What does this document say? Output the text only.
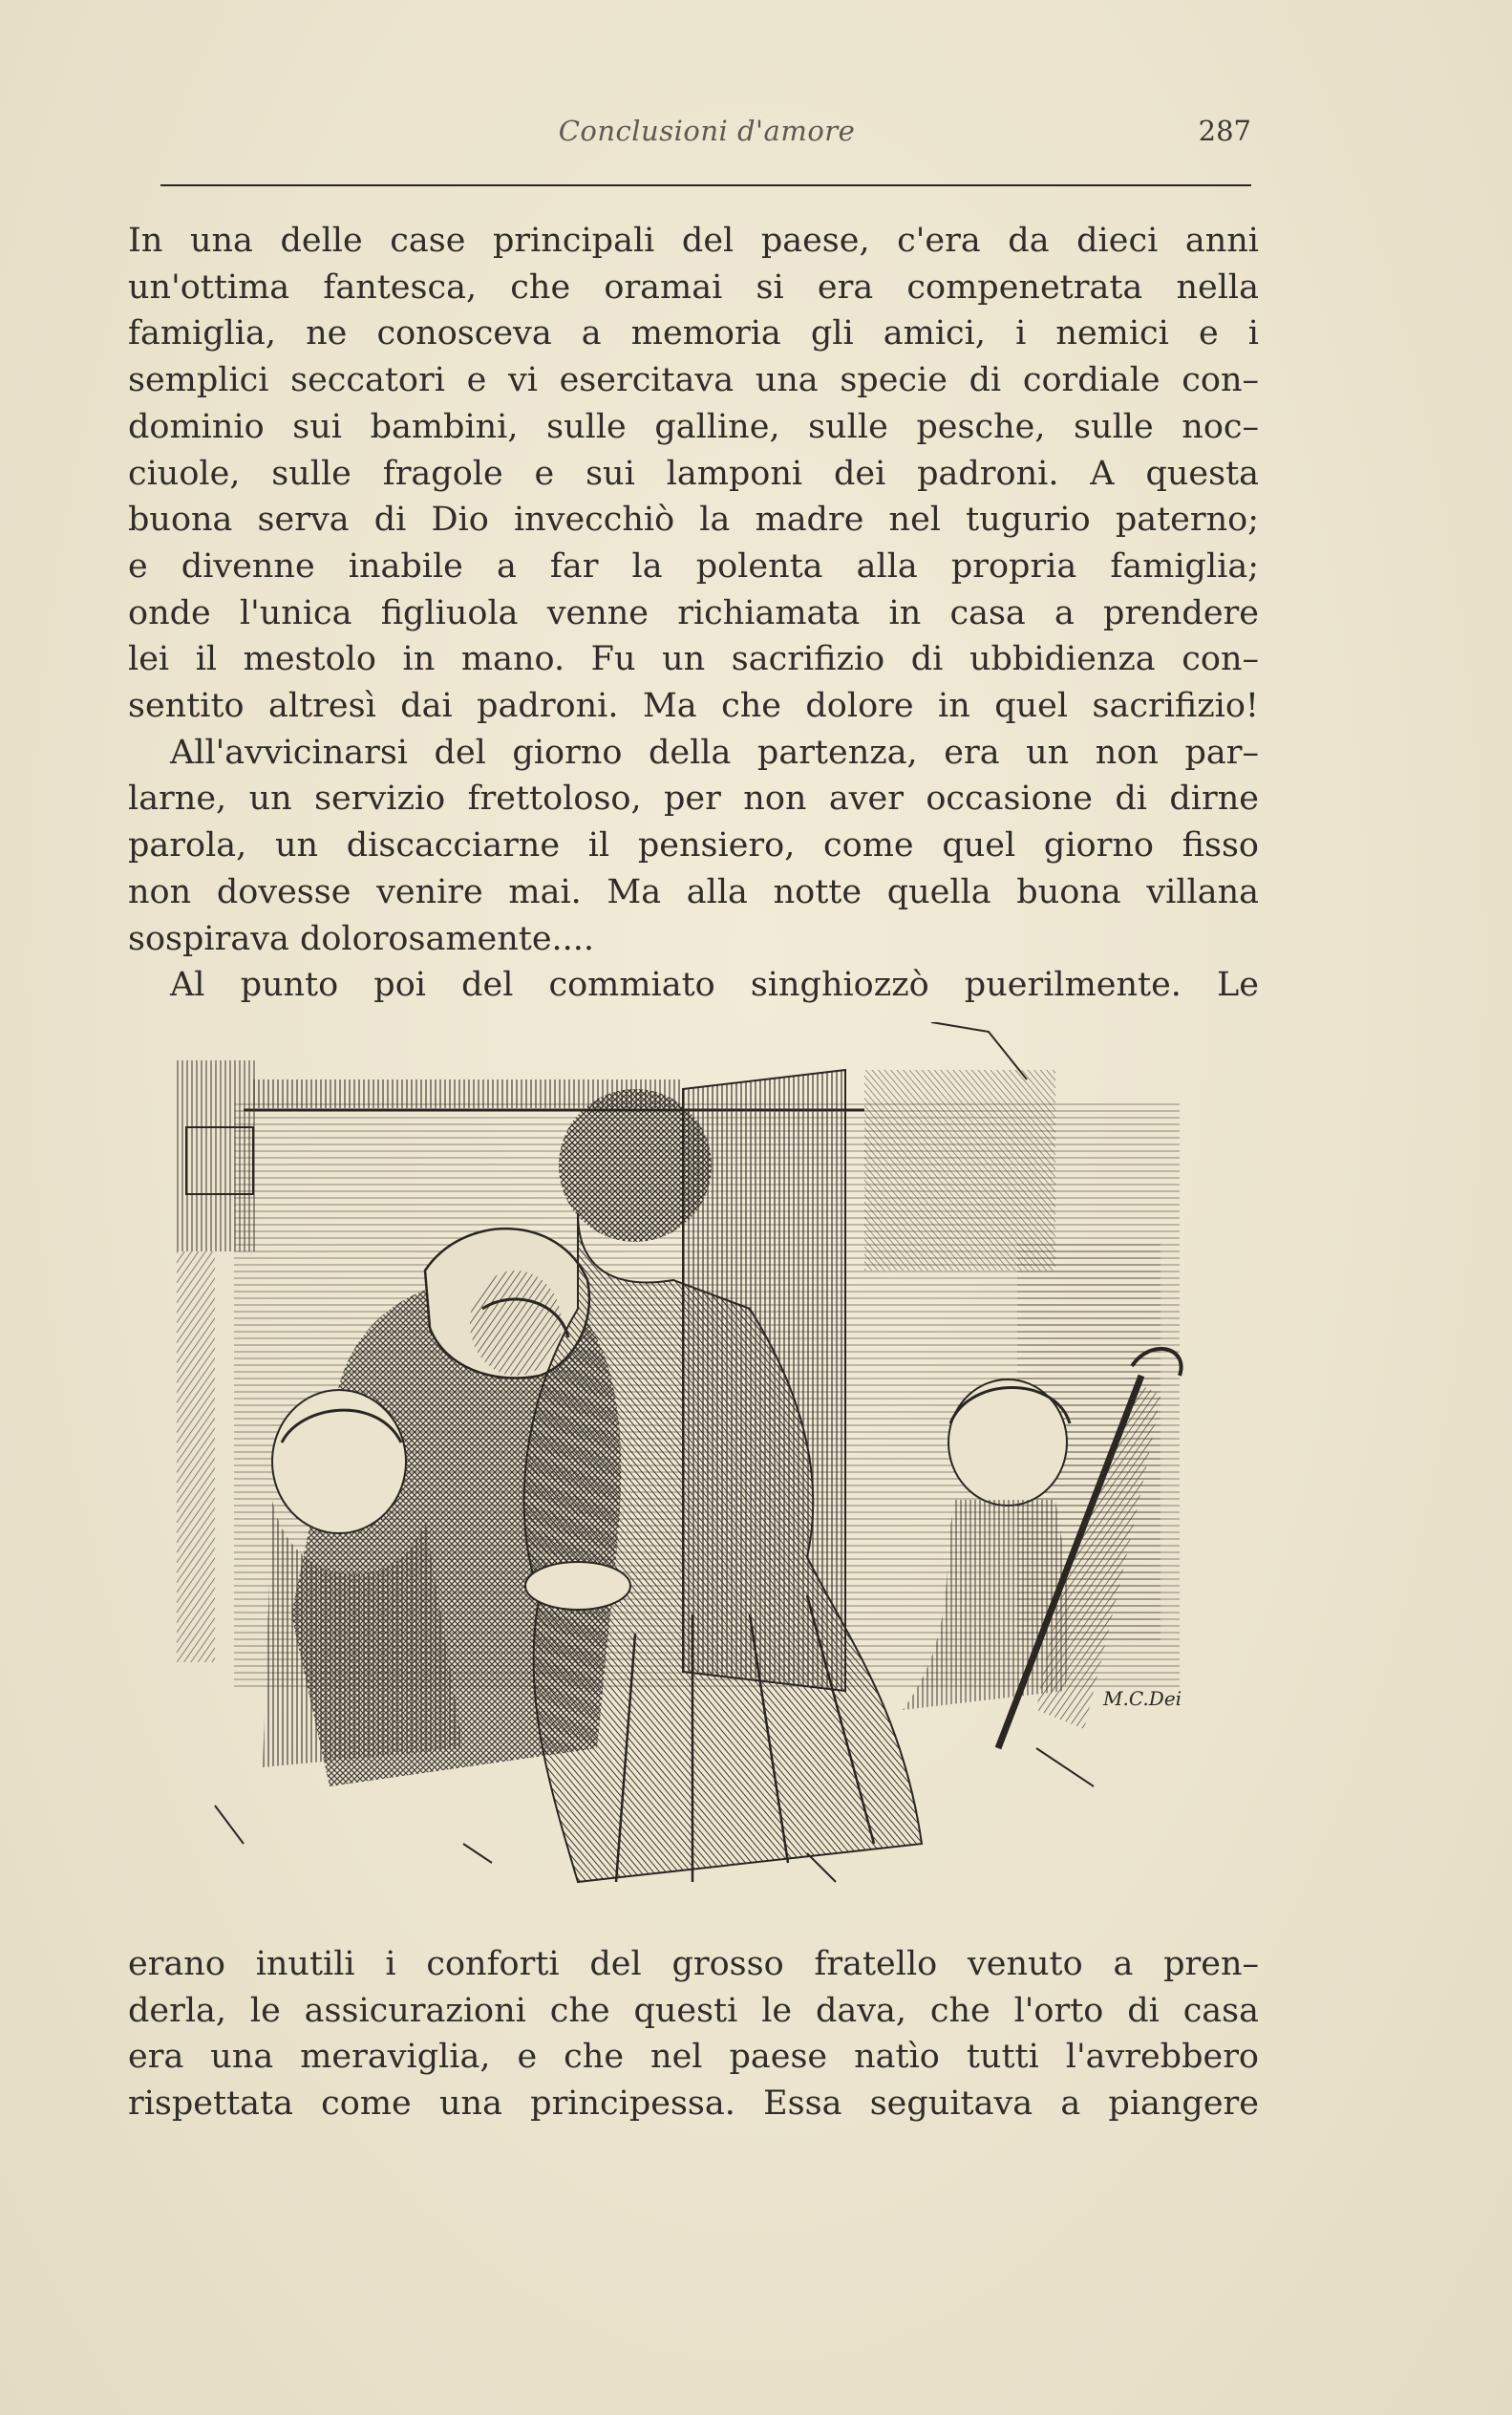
Conclusioni d'amore	287

In una delle case principali del paese, c'era da dieci anni

un'ottima fantesca, che oramai si era compenetrata nella

famiglia, ne conosceva a memoria gli amici, i nemici e i

semplici seccatori e vi esercitava una specie di cordiale con–

dominio sui bambini, sulle galline, sulle pesche, sulle noc–

ciuole, sulle fragole e sui lamponi dei padroni. A questa

buona serva di Dio invecchiò la madre nel tugurio paterno;

e divenne inabile a far la polenta alla propria famiglia;

onde l'unica figliuola venne richiamata in casa a prendere

lei il mestolo in mano. Fu un sacrifizio di ubbidienza con–

sentito altresì dai padroni. Ma che dolore in quel sacrifizio!

All'avvicinarsi del giorno della partenza, era un non par–

larne, un servizio frettoloso, per non aver occasione di dirne

parola, un discacciarne il pensiero, come quel giorno fisso

non dovesse venire mai. Ma alla notte quella buona villana

sospirava dolorosamente....

Al punto poi del commiato singhiozzò puerilmente. Le

M.C.Dei

erano inutili i conforti del grosso fratello venuto a pren–

derla, le assicurazioni che questi le dava, che l'orto di casa

era una meraviglia, e che nel paese natìo tutti l'avrebbero

rispettata come una principessa. Essa seguitava a piangere
